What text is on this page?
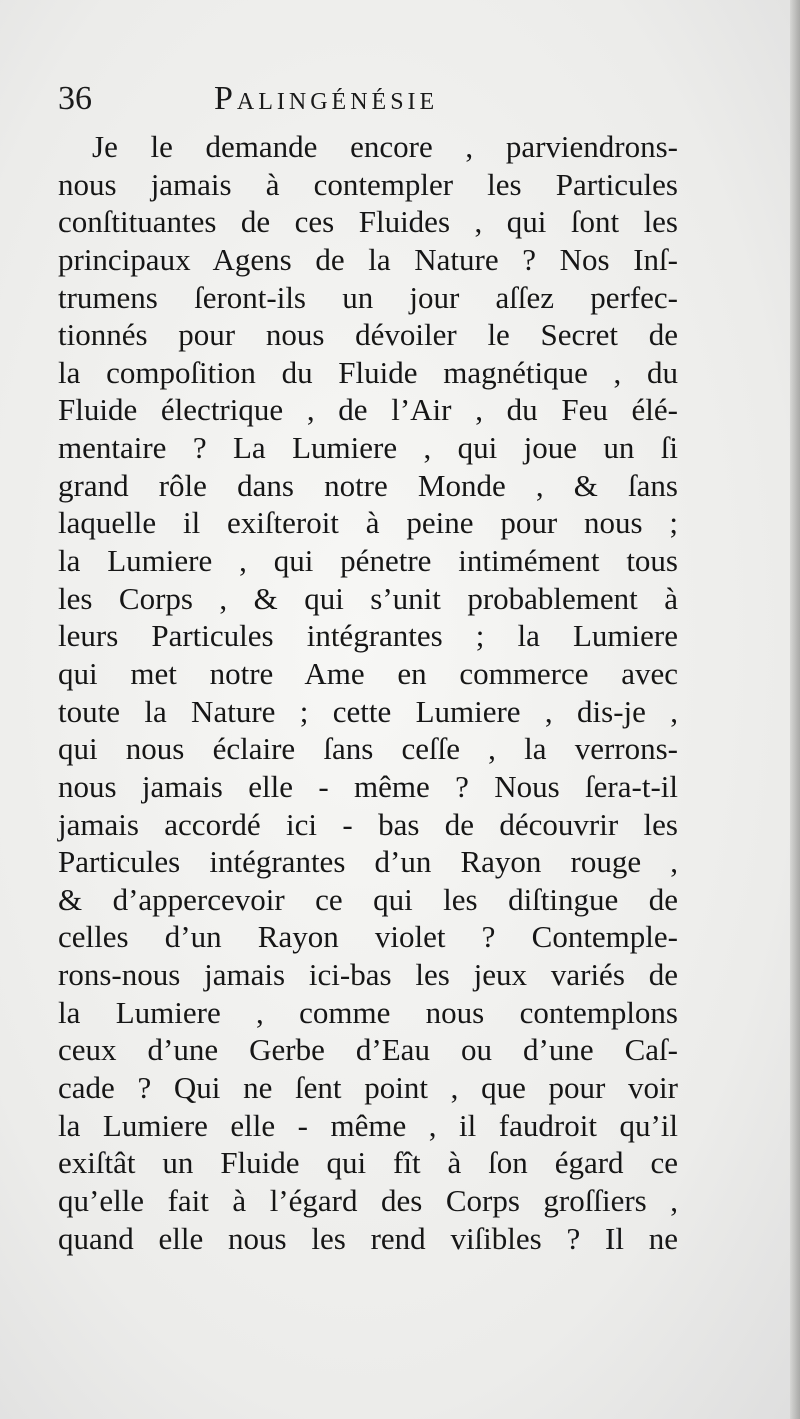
36	Palingénésie
Je le demande encore , parviendrons-
nous jamais à contempler les Particules
conſtituantes de ces Fluides , qui ſont les
principaux Agens de la Nature ? Nos Inſ-
trumens ſeront-ils un jour aſſez perfec-
tionnés pour nous dévoiler le Secret de
la compoſition du Fluide magnétique , du
Fluide électrique , de l’Air , du Feu élé-
mentaire ? La Lumiere , qui joue un ſi
grand rôle dans notre Monde , & ſans
laquelle il exiſteroit à peine pour nous ;
la Lumiere , qui pénetre intimément tous
les Corps , & qui s’unit probablement à
leurs Particules intégrantes ; la Lumiere
qui met notre Ame en commerce avec
toute la Nature ; cette Lumiere , dis-je ,
qui nous éclaire ſans ceſſe , la verrons-
nous jamais elle - même ? Nous ſera-t-il
jamais accordé ici - bas de découvrir les
Particules intégrantes d’un Rayon rouge ,
& d’appercevoir ce qui les diſtingue de
celles d’un Rayon violet ? Contemple-
rons-nous jamais ici-bas les jeux variés de
la Lumiere , comme nous contemplons
ceux d’une Gerbe d’Eau ou d’une Caſ-
cade ? Qui ne ſent point , que pour voir
la Lumiere elle - même , il faudroit qu’il
exiſtât un Fluide qui fît à ſon égard ce
qu’elle fait à l’égard des Corps groſſiers ,
quand elle nous les rend viſibles ? Il ne
